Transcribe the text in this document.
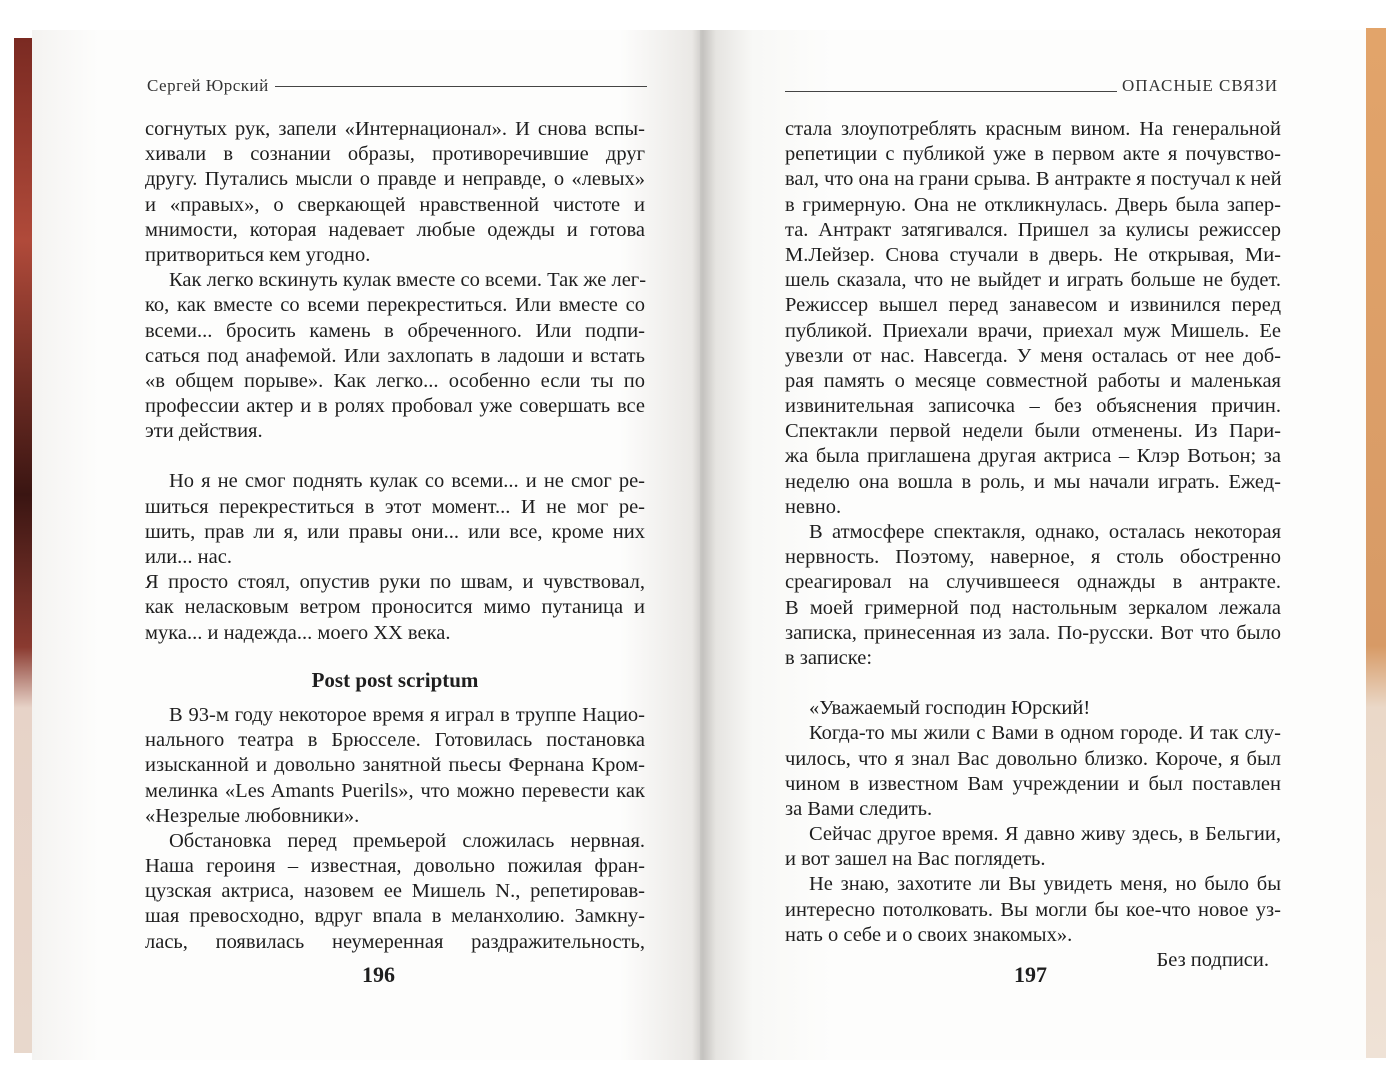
Сергей Юрский	ОПАСНЫЕ СВЯЗИ
согнутых рук, запели «Интернационал». И снова вспы-
хивали в сознании образы, противоречившие друг
другу. Путались мысли о правде и неправде, о «левых»
и «правых», о сверкающей нравственной чистоте и
мнимости, которая надевает любые одежды и готова
притвориться кем угодно.
Как легко вскинуть кулак вместе со всеми. Так же лег-
ко, как вместе со всеми перекреститься. Или вместе со
всеми... бросить камень в обреченного. Или подпи-
саться под анафемой. Или захлопать в ладоши и встать
«в общем порыве». Как легко... особенно если ты по
профессии актер и в ролях пробовал уже совершать все
эти действия.
Но я не смог поднять кулак со всеми... и не смог ре-
шиться перекреститься в этот момент... И не мог ре-
шить, прав ли я, или правы они... или все, кроме них
или... нас.
Я просто стоял, опустив руки по швам, и чувствовал,
как неласковым ветром проносится мимо путаница и
мука... и надежда... моего XX века.
Post post scriptum
В 93-м году некоторое время я играл в труппе Нацио-
нального театра в Брюсселе. Готовилась постановка
изысканной и довольно занятной пьесы Фернана Кром-
мелинка «Les Amants Puerils», что можно перевести как
«Незрелые любовники».
Обстановка перед премьерой сложилась нервная.
Наша героиня – известная, довольно пожилая фран-
цузская актриса, назовем ее Мишель N., репетировав-
шая превосходно, вдруг впала в меланхолию. Замкну-
лась, появилась неумеренная раздражительность,
стала злоупотреблять красным вином. На генеральной
репетиции с публикой уже в первом акте я почувство-
вал, что она на грани срыва. В антракте я постучал к ней
в гримерную. Она не откликнулась. Дверь была запер-
та. Антракт затягивался. Пришел за кулисы режиссер
М.Лейзер. Снова стучали в дверь. Не открывая, Ми-
шель сказала, что не выйдет и играть больше не будет.
Режиссер вышел перед занавесом и извинился перед
публикой. Приехали врачи, приехал муж Мишель. Ее
увезли от нас. Навсегда. У меня осталась от нее доб-
рая память о месяце совместной работы и маленькая
извинительная записочка – без объяснения причин.
Спектакли первой недели были отменены. Из Пари-
жа была приглашена другая актриса – Клэр Вотьон; за
неделю она вошла в роль, и мы начали играть. Ежед-
невно.
В атмосфере спектакля, однако, осталась некоторая
нервность. Поэтому, наверное, я столь обостренно
среагировал на случившееся однажды в антракте.
В моей гримерной под настольным зеркалом лежала
записка, принесенная из зала. По-русски. Вот что было
в записке:
«Уважаемый господин Юрский!
Когда-то мы жили с Вами в одном городе. И так слу-
чилось, что я знал Вас довольно близко. Короче, я был
чином в известном Вам учреждении и был поставлен
за Вами следить.
Сейчас другое время. Я давно живу здесь, в Бельгии,
и вот зашел на Вас поглядеть.
Не знаю, захотите ли Вы увидеть меня, но было бы
интересно потолковать. Вы могли бы кое-что новое уз-
нать о себе и о своих знакомых».
Без подписи.
196	197
